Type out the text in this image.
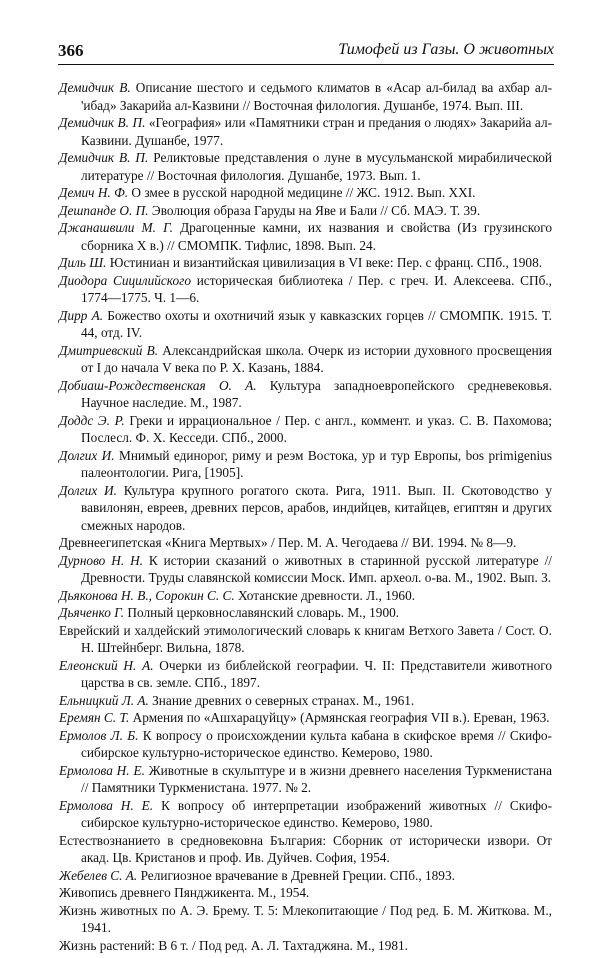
366	Тимофей из Газы. О животных

Демидчик В. Описание шестого и седьмого климатов в «Асар ал-билад ва ахбар ал-'ибад» Закарийа ал-Казвини // Восточная филология. Душанбе, 1974. Вып. III.

Демидчик В. П. «География» или «Памятники стран и предания о людях» Закарийа ал-Казвини. Душанбе, 1977.

Демидчик В. П. Реликтовые представления о луне в мусульманской мирабилической литературе // Восточная филология. Душанбе, 1973. Вып. 1.

Демич Н. Ф. О змее в русской народной медицине // ЖС. 1912. Вып. XXI.

Дешпанде О. П. Эволюция образа Гаруды на Яве и Бали // Сб. МАЭ. Т. 39.

Джанашвили М. Г. Драгоценные камни, их названия и свойства (Из грузинского сборника X в.) // СМОМПК. Тифлис, 1898. Вып. 24.

Диль Ш. Юстиниан и византийская цивилизация в VI веке: Пер. с франц. СПб., 1908.

Диодора Сицилийского историческая библиотека / Пер. с греч. И. Алексеева. СПб., 1774—1775. Ч. 1—6.

Дирр А. Божество охоты и охотничий язык у кавказских горцев // СМОМПК. 1915. Т. 44, отд. IV.

Дмитриевский В. Александрийская школа. Очерк из истории духовного просвещения от I до начала V века по Р. Х. Казань, 1884.

Добиаш-Рождественская О. А. Культура западноевропейского средневековья. Научное наследие. М., 1987.

Доддс Э. Р. Греки и иррациональное / Пер. с англ., коммент. и указ. С. В. Пахомова; Послесл. Ф. Х. Кесседи. СПб., 2000.

Долгих И. Мнимый единорог, риму и реэм Востока, ур и тур Европы, bos primigenius палеонтологии. Рига, [1905].

Долгих И. Культура крупного рогатого скота. Рига, 1911. Вып. II. Скотоводство у вавилонян, евреев, древних персов, арабов, индийцев, китайцев, египтян и других смежных народов.

Древнеегипетская «Книга Мертвых» / Пер. М. А. Чегодаева // ВИ. 1994. № 8—9.

Дурново Н. Н. К истории сказаний о животных в старинной русской литературе // Древности. Труды славянской комиссии Моск. Имп. археол. о-ва. М., 1902. Вып. 3.

Дьяконова Н. В., Сорокин С. С. Хотанские древности. Л., 1960.

Дьяченко Г. Полный церковнославянский словарь. М., 1900.

Еврейский и халдейский этимологический словарь к книгам Ветхого Завета / Сост. О. Н. Штейнберг. Вильна, 1878.

Елеонский Н. А. Очерки из библейской географии. Ч. II: Представители животного царства в св. земле. СПб., 1897.

Ельницкий Л. А. Знание древних о северных странах. М., 1961.

Еремян С. Т. Армения по «Ашхарацуйцу» (Армянская география VII в.). Ереван, 1963.

Ермолов Л. Б. К вопросу о происхождении культа кабана в скифское время // Скифо-сибирское культурно-историческое единство. Кемерово, 1980.

Ермолова Н. Е. Животные в скульптуре и в жизни древнего населения Туркменистана // Памятники Туркменистана. 1977. № 2.

Ермолова Н. Е. К вопросу об интерпретации изображений животных // Скифо-сибирское культурно-историческое единство. Кемерово, 1980.

Естествознанието в средновековна България: Сборник от исторически извори. От акад. Цв. Кристанов и проф. Ив. Дуйчев. София, 1954.

Жебелев С. А. Религиозное врачевание в Древней Греции. СПб., 1893.

Живопись древнего Пянджикента. М., 1954.

Жизнь животных по А. Э. Брему. Т. 5: Млекопитающие / Под ред. Б. М. Житкова. М., 1941.

Жизнь растений: В 6 т. / Под ред. А. Л. Тахтаджяна. М., 1981.
